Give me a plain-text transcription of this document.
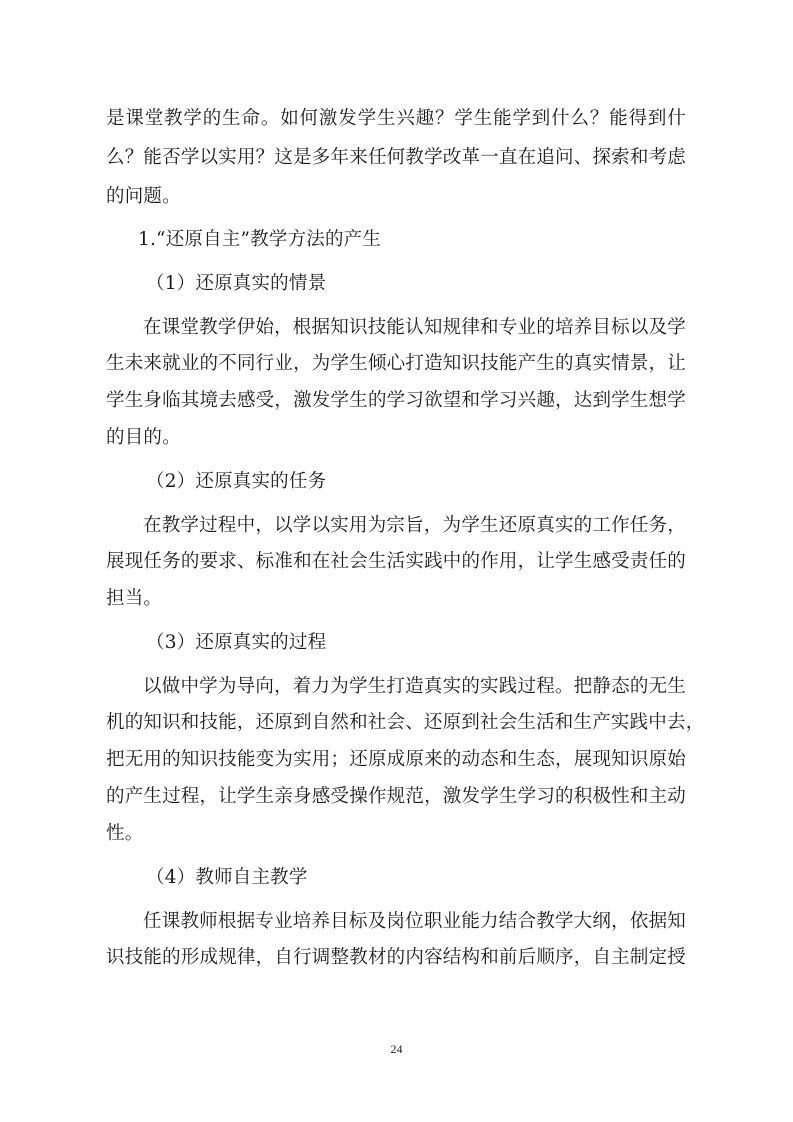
是课堂教学的生命。如何激发学生兴趣？学生能学到什么？能得到什
么？能否学以实用？这是多年来任何教学改革一直在追问、探索和考虑
的问题。
1.“还原自主”教学方法的产生
（1）还原真实的情景
在课堂教学伊始，根据知识技能认知规律和专业的培养目标以及学
生未来就业的不同行业，为学生倾心打造知识技能产生的真实情景，让
学生身临其境去感受，激发学生的学习欲望和学习兴趣，达到学生想学
的目的。
（2）还原真实的任务
在教学过程中，以学以实用为宗旨，为学生还原真实的工作任务，
展现任务的要求、标准和在社会生活实践中的作用，让学生感受责任的
担当。
（3）还原真实的过程
以做中学为导向，着力为学生打造真实的实践过程。把静态的无生
机的知识和技能，还原到自然和社会、还原到社会生活和生产实践中去，
把无用的知识技能变为实用；还原成原来的动态和生态，展现知识原始
的产生过程，让学生亲身感受操作规范，激发学生学习的积极性和主动
性。
（4）教师自主教学
任课教师根据专业培养目标及岗位职业能力结合教学大纲，依据知
识技能的形成规律，自行调整教材的内容结构和前后顺序，自主制定授
24
